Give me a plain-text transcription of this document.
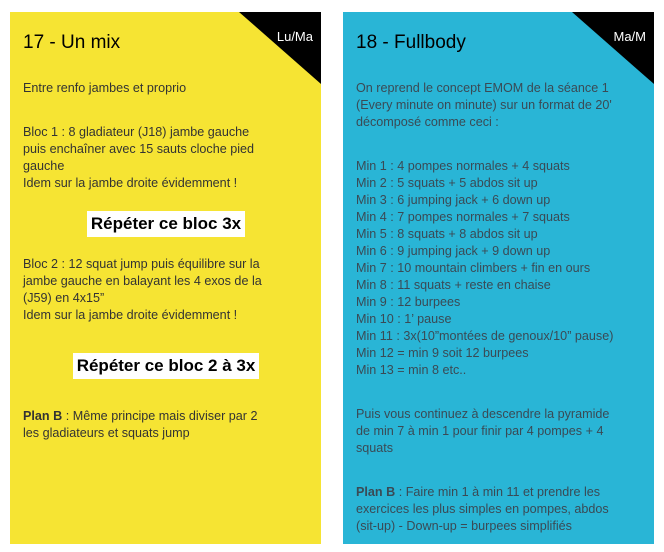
Lu/Ma
17 - Un mix

Entre renfo jambes et proprio

Bloc 1 : 8 gladiateur (J18) jambe gauche

puis enchaîner avec 15 sauts cloche pied

gauche

Idem sur la jambe droite évidemment !

Répéter ce bloc 3x

Bloc 2 : 12 squat jump puis équilibre sur la

jambe gauche en balayant les 4 exos de la

(J59) en 4x15”

Idem sur la jambe droite évidemment !

Répéter ce bloc 2 à 3x

Plan B : Même principe mais diviser par 2

les gladiateurs et squats jump

Ma/M
18 - Fullbody

On reprend le concept EMOM de la séance 1

(Every minute on minute) sur un format de 20'

décomposé comme ceci :

Min 1 : 4 pompes normales + 4 squats

Min 2 : 5 squats + 5 abdos sit up

Min 3 : 6 jumping jack + 6 down up

Min 4 : 7 pompes normales + 7 squats

Min 5 : 8 squats + 8 abdos sit up

Min 6 : 9 jumping jack + 9 down up

Min 7 : 10 mountain climbers + fin en ours

Min 8 : 11 squats + reste en chaise

Min 9 : 12 burpees

Min 10 : 1’ pause

Min 11 : 3x(10”montées de genoux/10” pause)

Min 12 = min 9 soit 12 burpees

Min 13 = min 8 etc..

Puis vous continuez à descendre la pyramide

de min 7 à min 1 pour finir par 4 pompes + 4

squats

Plan B : Faire min 1 à min 11 et prendre les

exercices les plus simples en pompes, abdos

(sit-up) - Down-up = burpees simplifiés
